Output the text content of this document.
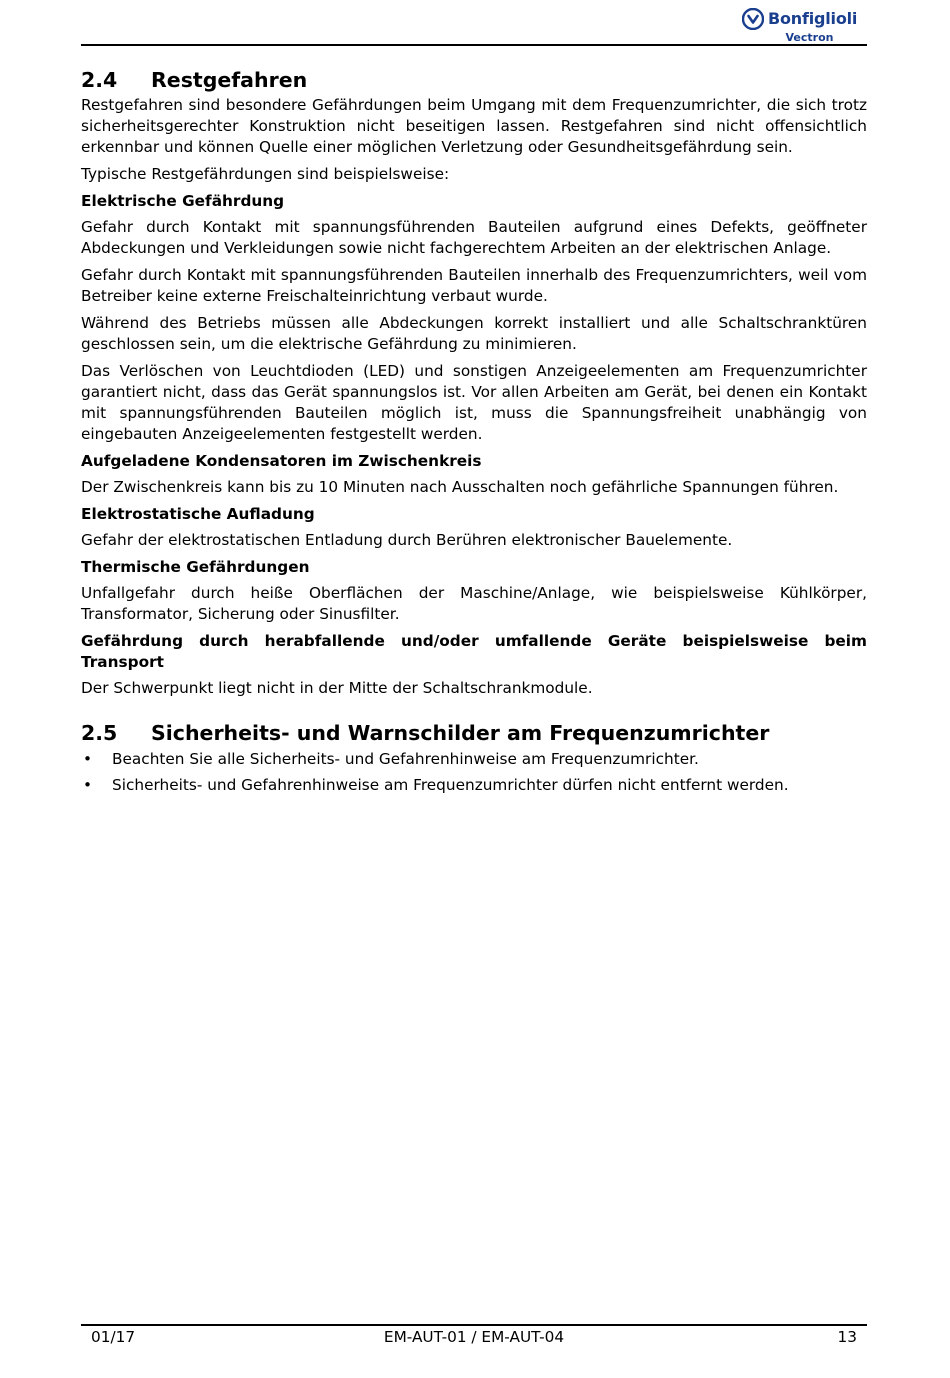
Bonfiglioli
Vectron
2.4 Restgefahren

Restgefahren sind besondere Gefährdungen beim Umgang mit dem Frequenzumrichter, die sich trotz sicherheitsgerechter Konstruktion nicht beseitigen lassen. Restgefahren sind nicht offensichtlich erkennbar und können Quelle einer möglichen Verletzung oder Gesundheitsgefährdung sein.

Typische Restgefährdungen sind beispielsweise:

Elektrische Gefährdung

Gefahr durch Kontakt mit spannungsführenden Bauteilen aufgrund eines Defekts, geöffneter Abdeckungen und Verkleidungen sowie nicht fachgerechtem Arbeiten an der elektrischen Anlage.

Gefahr durch Kontakt mit spannungsführenden Bauteilen innerhalb des Frequenzumrichters, weil vom Betreiber keine externe Freischalteinrichtung verbaut wurde.

Während des Betriebs müssen alle Abdeckungen korrekt installiert und alle Schaltschranktüren geschlossen sein, um die elektrische Gefährdung zu minimieren.

Das Verlöschen von Leuchtdioden (LED) und sonstigen Anzeigeelementen am Frequenzumrichter garantiert nicht, dass das Gerät spannungslos ist. Vor allen Arbeiten am Gerät, bei denen ein Kontakt mit spannungsführenden Bauteilen möglich ist, muss die Spannungsfreiheit unabhängig von eingebauten Anzeigeelementen festgestellt werden.

Aufgeladene Kondensatoren im Zwischenkreis

Der Zwischenkreis kann bis zu 10 Minuten nach Ausschalten noch gefährliche Spannungen führen.

Elektrostatische Aufladung

Gefahr der elektrostatischen Entladung durch Berühren elektronischer Bauelemente.

Thermische Gefährdungen

Unfallgefahr durch heiße Oberflächen der Maschine/Anlage, wie beispielsweise Kühlkörper, Transformator, Sicherung oder Sinusfilter.

Gefährdung durch herabfallende und/oder umfallende Geräte beispielsweise beim Transport

Der Schwerpunkt liegt nicht in der Mitte der Schaltschrankmodule.

2.5 Sicherheits- und Warnschilder am Frequenzumrichter
• Beachten Sie alle Sicherheits- und Gefahrenhinweise am Frequenzumrichter.
• Sicherheits- und Gefahrenhinweise am Frequenzumrichter dürfen nicht entfernt werden.
01/17	EM-AUT-01 / EM-AUT-04	13
